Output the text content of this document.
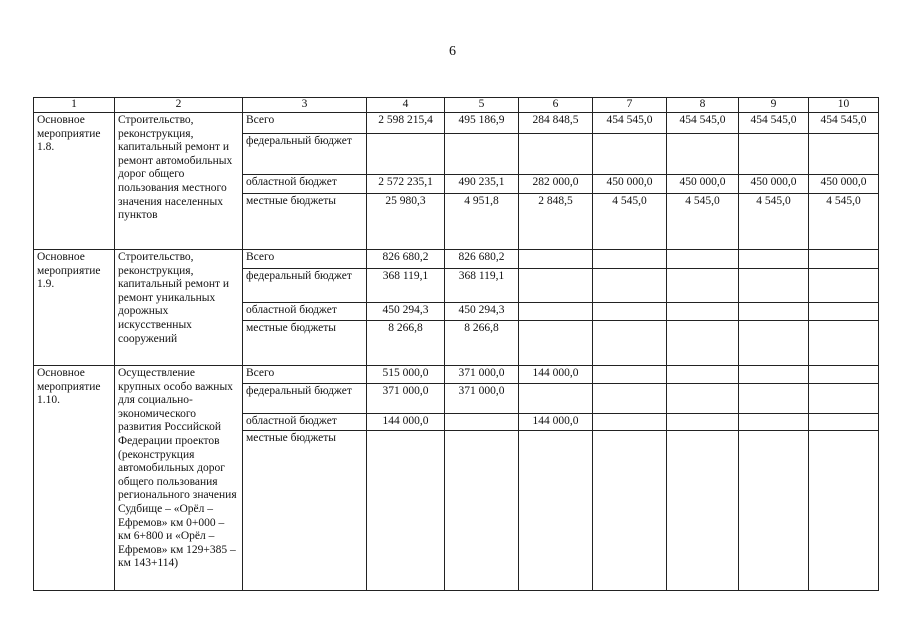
6
1	2	3	4	5	6	7	8	9	10
Основное мероприятие 1.8.	Строительство, реконструкция, капитальный ремонт и ремонт автомобильных дорог общего пользования местного значения населенных пунктов	Всего	2 598 215,4	495 186,9	284 848,5	454 545,0	454 545,0	454 545,0	454 545,0
		федеральный бюджет							
		областной бюджет	2 572 235,1	490 235,1	282 000,0	450 000,0	450 000,0	450 000,0	450 000,0
		местные бюджеты	25 980,3	4 951,8	2 848,5	4 545,0	4 545,0	4 545,0	4 545,0
Основное мероприятие 1.9.	Строительство, реконструкция, капитальный ремонт и ремонт уникальных дорожных искусственных сооружений	Всего	826 680,2	826 680,2					
		федеральный бюджет	368 119,1	368 119,1					
		областной бюджет	450 294,3	450 294,3					
		местные бюджеты	8 266,8	8 266,8					
Основное мероприятие 1.10.	Осуществление крупных особо важных для социально-экономического развития Российской Федерации проектов (реконструкция автомобильных дорог общего пользования регионального значения Судбище – «Орёл – Ефремов» км 0+000 – км 6+800 и «Орёл – Ефремов» км 129+385 – км 143+114)	Всего	515 000,0	371 000,0	144 000,0				
		федеральный бюджет	371 000,0	371 000,0					
		областной бюджет	144 000,0		144 000,0				
		местные бюджеты							
